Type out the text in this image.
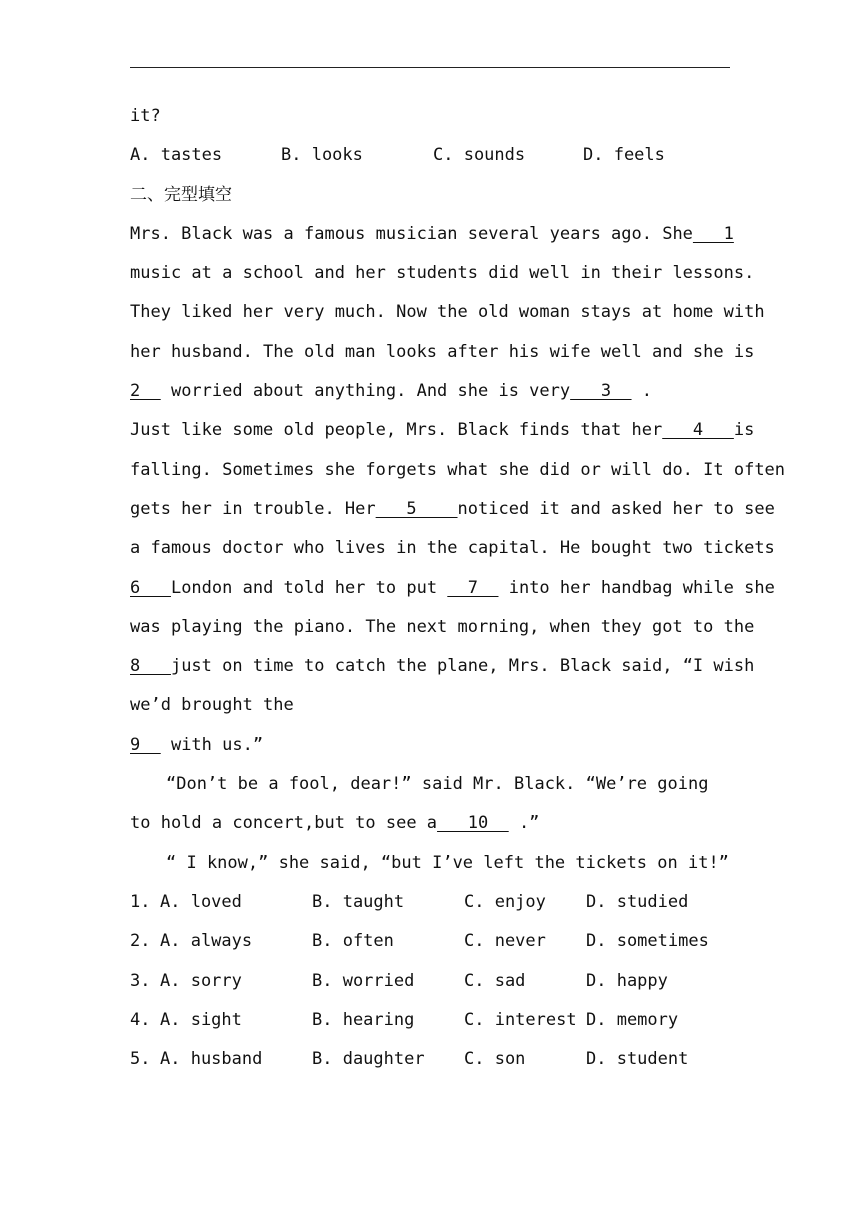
it?
A. tastes	B. looks	C. sounds	D. feels
二、完型填空
Mrs. Black was a famous musician several years ago. She   1
music at a school and her students did well in their lessons.
They liked her very much. Now the old woman stays at home with
her husband. The old man looks after his wife well and she is
2   worried about anything. And she is very   3   .
Just like some old people, Mrs. Black finds that her   4   is
falling. Sometimes she forgets what she did or will do. It often
gets her in trouble. Her   5    noticed it and asked her to see
a famous doctor who lives in the capital. He bought two tickets
6   London and told her to put   7   into her handbag while she
was playing the piano. The next morning, when they got to the
8   just on time to catch the plane, Mrs. Black said, “I wish
we’d brought the
9   with us.”
“Don’t be a fool, dear!” said Mr. Black. “We’re going
to hold a concert,but to see a   10   .”
“ I know,” she said, “but I’ve left the tickets on it!”
1. A. loved	B. taught	C. enjoy	D. studied
2. A. always	B. often	C. never	D. sometimes
3. A. sorry	B. worried	C. sad	D. happy
4. A. sight	B. hearing	C. interest D. memory
5. A. husband	B. daughter	C. son	D. student
